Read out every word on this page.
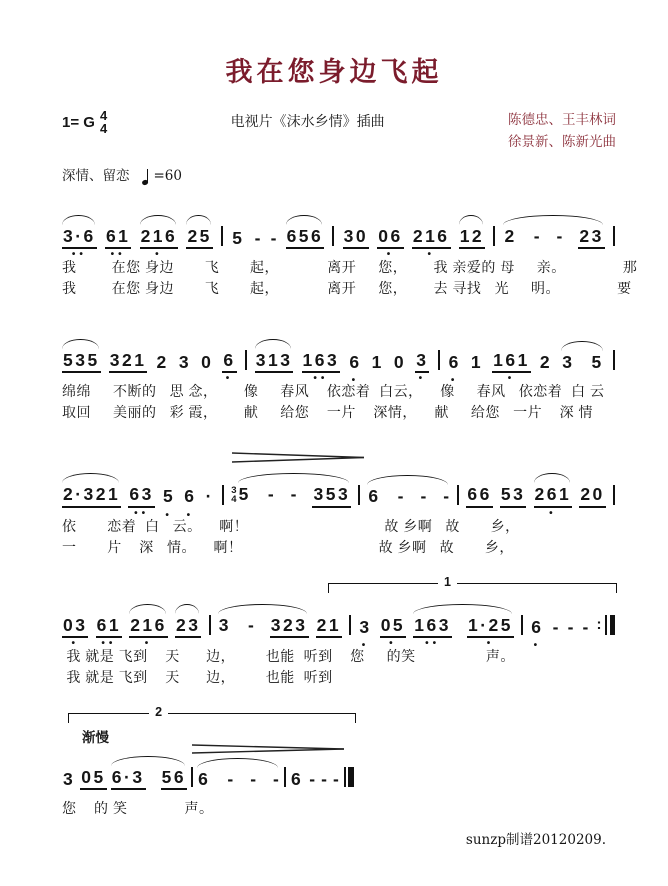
我在您身边飞起
1= G 4
4	电视片《沫水乡情》插曲	陈德忠、王丰林词
徐景新、陈新光曲
深情、留恋 =60
3·6
••
61
••
216
•
25 5 - - 656 30 06
•
216
•
12 2 - - 23
我        在您 身边       飞       起，           离开     您，      我 亲爱的 母     亲。             那
我        在您 身边       飞       起，           离开     您，      去 寻找   光     明。             要
535 321 2 3 0 6
•
313 163
••
6
•
1 0 3
•
6
•
1 161
•
2 3 5
绵绵     不断的   思 念，      像     春风    依恋着  白云，    像     春风   依恋着  白 云
取回     美丽的   彩 霞，      献     给您    一片    深情，    献     给您   一片    深 情
2·321 63
••
5
•
6
•
· 3
4 5 - - 353 6 - - - 66 53 261
•
20
依       恋着  白   云。    啊！                               故 乡啊   故       乡，
一       片    深   情。    啊！                               故 乡啊   故       乡，
1
03
•
61
••
216
•
23 3 - 323 21 3
•
05
•
163
••
1·25
•
6
•
- - - :
我 就是 飞到    天      边，       也能  听到    您     的笑                声。
我 就是 飞到    天      边，       也能  听到
2
渐慢
3 05 6·3 56 6 - - - 6 - - -
您    的 笑             声。
sunzp制谱20120209.
